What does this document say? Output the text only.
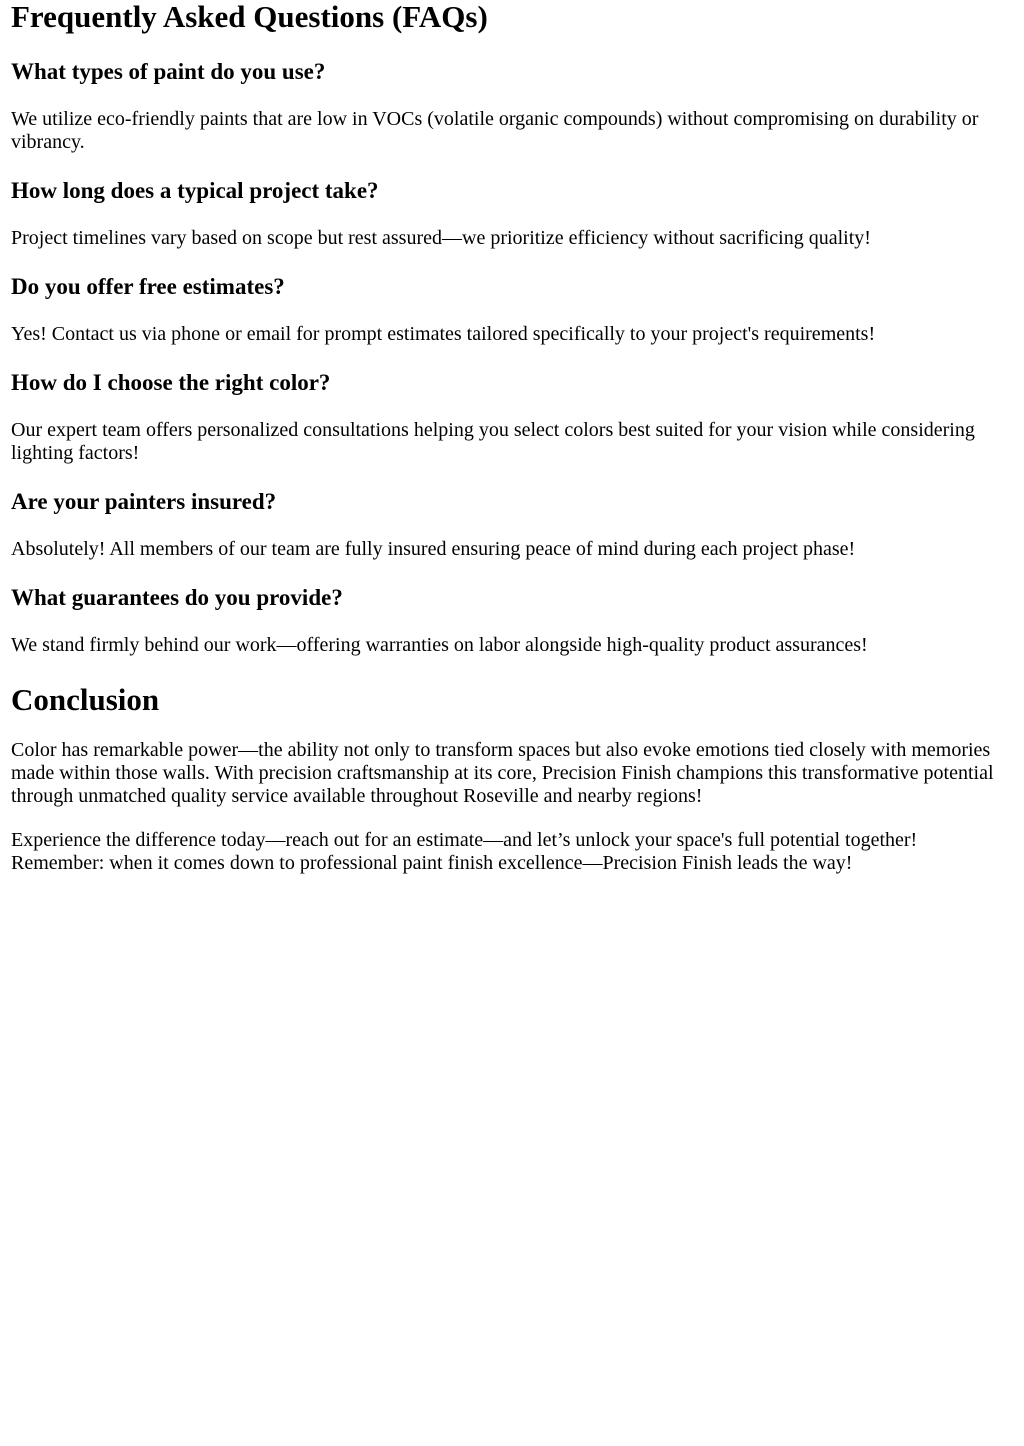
Frequently Asked Questions (FAQs)
What types of paint do you use?

We utilize eco-friendly paints that are low in VOCs (volatile organic compounds) without compromising on durability or vibrancy.

How long does a typical project take?

Project timelines vary based on scope but rest assured—we prioritize efficiency without sacrificing quality!

Do you offer free estimates?

Yes! Contact us via phone or email for prompt estimates tailored specifically to your project's requirements!

How do I choose the right color?

Our expert team offers personalized consultations helping you select colors best suited for your vision while considering lighting factors!

Are your painters insured?

Absolutely! All members of our team are fully insured ensuring peace of mind during each project phase!

What guarantees do you provide?

We stand firmly behind our work—offering warranties on labor alongside high-quality product assurances!

Conclusion

Color has remarkable power—the ability not only to transform spaces but also evoke emotions tied closely with memories made within those walls. With precision craftsmanship at its core, Precision Finish champions this transformative potential through unmatched quality service available throughout Roseville and nearby regions!

Experience the difference today—reach out for an estimate—and let’s unlock your space's full potential together! Remember: when it comes down to professional paint finish excellence—Precision Finish leads the way!
